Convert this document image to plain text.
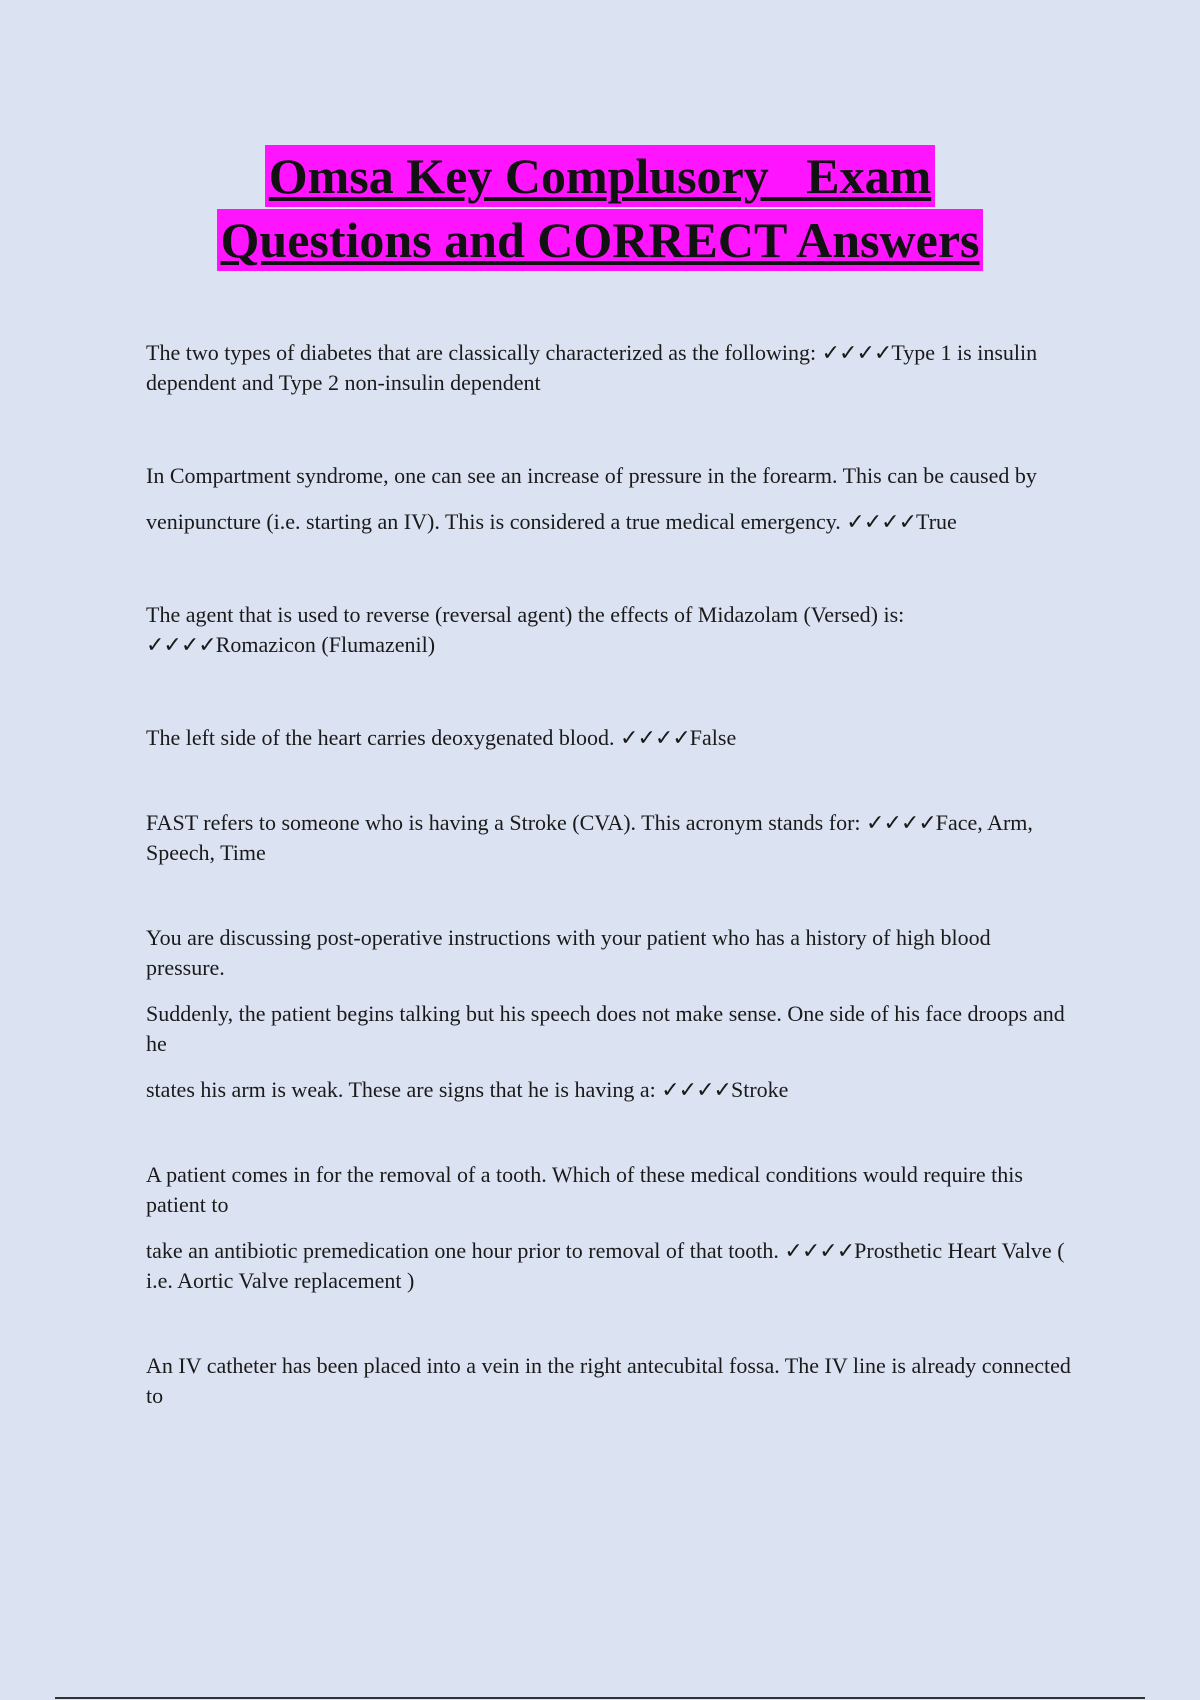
Omsa Key Complusory   Exam
Questions and CORRECT Answers

The two types of diabetes that are classically characterized as the following: ✓✓✓✓Type 1 is insulin dependent and Type 2 non-insulin dependent

In Compartment syndrome, one can see an increase of pressure in the forearm. This can be caused by

venipuncture (i.e. starting an IV). This is considered a true medical emergency. ✓✓✓✓True

The agent that is used to reverse (reversal agent) the effects of Midazolam (Versed) is: ✓✓✓✓Romazicon (Flumazenil)

The left side of the heart carries deoxygenated blood. ✓✓✓✓False

FAST refers to someone who is having a Stroke (CVA). This acronym stands for: ✓✓✓✓Face, Arm, Speech, Time

You are discussing post-operative instructions with your patient who has a history of high blood pressure.

Suddenly, the patient begins talking but his speech does not make sense. One side of his face droops and he

states his arm is weak. These are signs that he is having a: ✓✓✓✓Stroke

A patient comes in for the removal of a tooth. Which of these medical conditions would require this patient to

take an antibiotic premedication one hour prior to removal of that tooth. ✓✓✓✓Prosthetic Heart Valve ( i.e. Aortic Valve replacement )

An IV catheter has been placed into a vein in the right antecubital fossa. The IV line is already connected to
